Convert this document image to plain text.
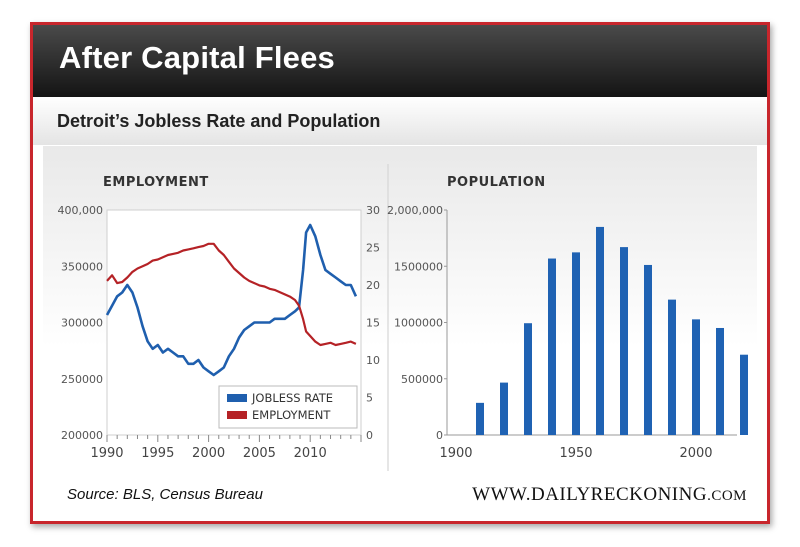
After Capital Flees
Detroit’s Jobless Rate and Population
EMPLOYMENT
400,000
350000
300000
250000
200000
30
25
20
15
10
5
0
1990 1995 2000 2005 2010
JOBLESS RATE
EMPLOYMENT
POPULATION
2,000,000
1500000
1000000
500000
0
1900	1950	2000
Source: BLS, Census Bureau	WWW.DAILYRECKONING.COM
